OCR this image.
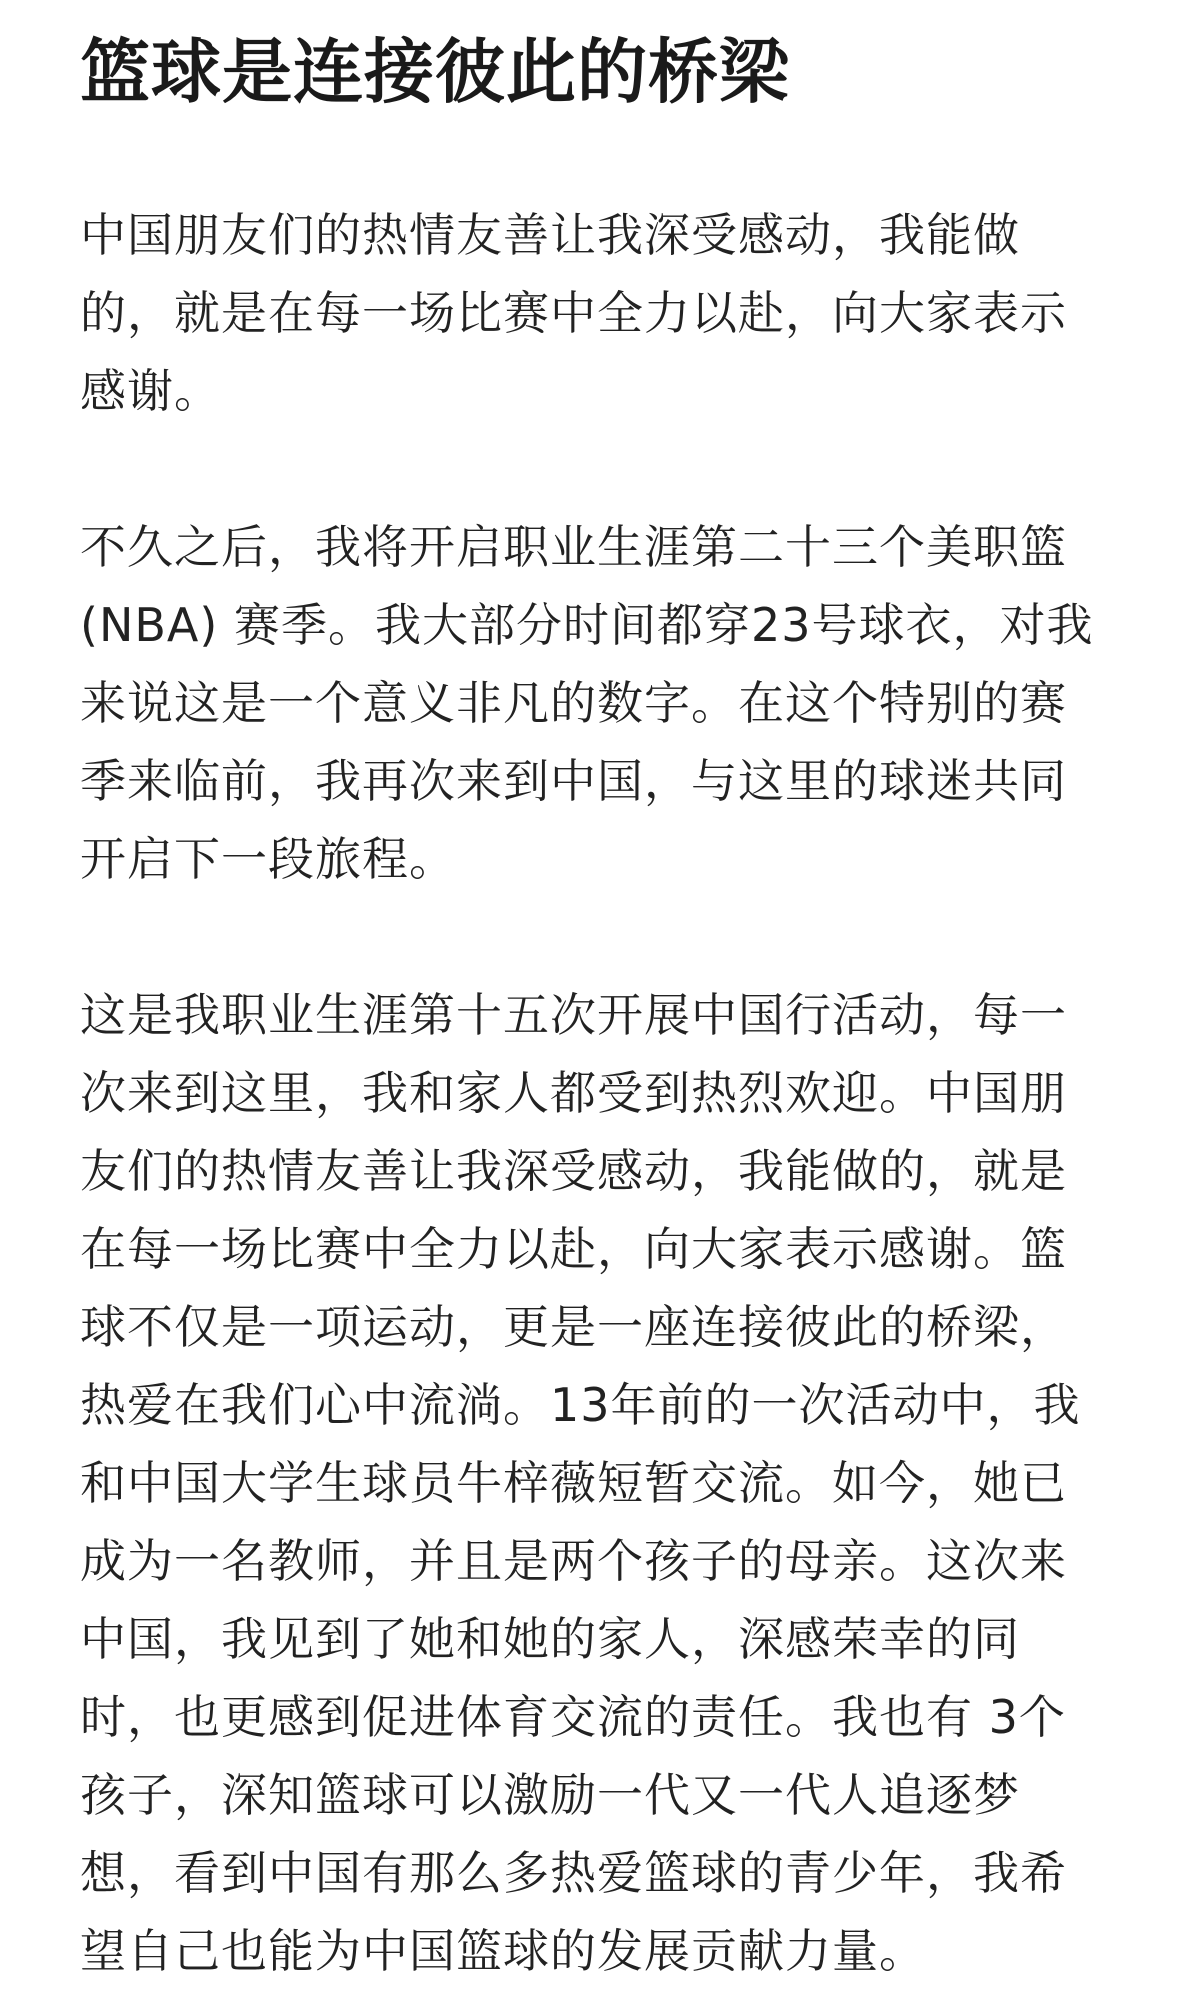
篮球是连接彼此的桥梁

中国朋友们的热情友善让我深受感动，我能做的，就是在每一场比赛中全力以赴，向大家表示感谢。

不久之后，我将开启职业生涯第二十三个美职篮(NBA) 赛季。我大部分时间都穿23号球衣，对我来说这是一个意义非凡的数字。在这个特别的赛季来临前，我再次来到中国，与这里的球迷共同开启下一段旅程。

这是我职业生涯第十五次开展中国行活动，每一次来到这里，我和家人都受到热烈欢迎。中国朋友们的热情友善让我深受感动，我能做的，就是在每一场比赛中全力以赴，向大家表示感谢。篮球不仅是一项运动，更是一座连接彼此的桥梁，热爱在我们心中流淌。13年前的一次活动中，我和中国大学生球员牛梓薇短暂交流。如今，她已成为一名教师，并且是两个孩子的母亲。这次来中国，我见到了她和她的家人，深感荣幸的同时，也更感到促进体育交流的责任。我也有 3个孩子，深知篮球可以激励一代又一代人追逐梦想，看到中国有那么多热爱篮球的青少年，我希望自己也能为中国篮球的发展贡献力量。
